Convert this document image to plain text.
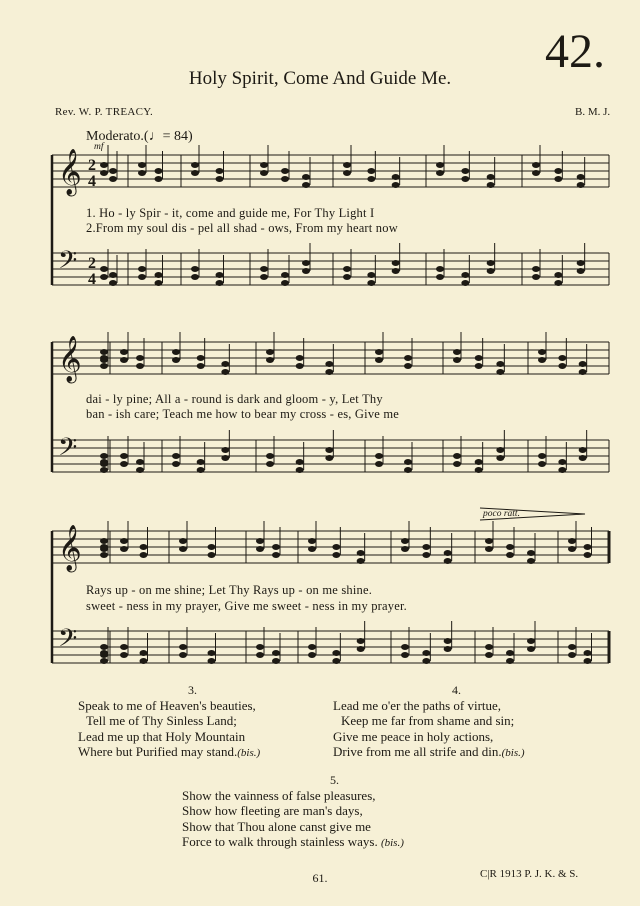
42.
Holy Spirit, Come And Guide Me.
Rev. W. P. TREACY.	B. M. J.
Moderato.(♩= 84)
mf
poco ratt.
𝄞
𝄢
𝄞
𝄢
𝄞
𝄢
2
4
2
4
1. Ho - ly Spir - it, come and guide me, For Thy Light I
2.From my soul dis - pel all shad - ows, From my heart now
dai - ly pine; All a - round is dark and gloom - y, Let Thy
ban - ish care; Teach me how to bear my cross - es, Give me
Rays up - on me shine; Let Thy Rays up - on me shine.
sweet - ness in my prayer, Give me sweet - ness in my prayer.
3.
Speak to me of Heaven's beauties,
Tell me of Thy Sinless Land;
Lead me up that Holy Mountain
Where but Purified may stand.(bis.)
4.
Lead me o'er the paths of virtue,
Keep me far from shame and sin;
Give me peace in holy actions,
Drive from me all strife and din.(bis.)
5.
Show the vainness of false pleasures,
Show how fleeting are man's days,
Show that Thou alone canst give me
Force to walk through stainless ways. (bis.)
61.	C|R 1913 P. J. K. & S.
